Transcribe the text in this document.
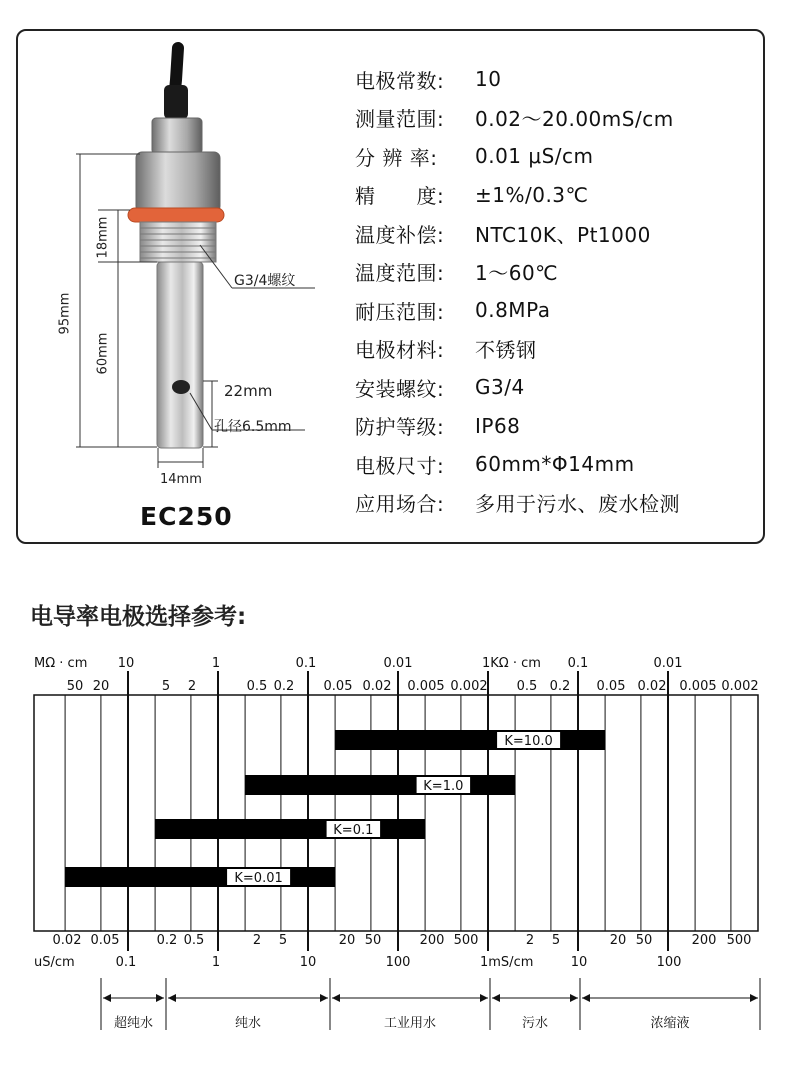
95mm
18mm
60mm
22mm
G3/4螺纹
孔径6.5mm
14mm
EC250
电极常数:	10
测量范围:	0.02～20.00mS/cm
分 辨 率:	0.01 μS/cm
精　　度:	±1%/0.3℃
温度补偿:	NTC10K、Pt1000
温度范围:	1～60℃
耐压范围:	0.8MPa
电极材料:	不锈钢
安装螺纹:	G3/4
防护等级:	IP68
电极尺寸:	60mm*Φ14mm
应用场合:	多用于污水、废水检测
电导率电极选择参考:
K=10.0
K=1.0
K=0.1
K=0.01
MΩ · cm	1KΩ · cm
10	1	0.1	0.01	0.1	0.01
50 20	5 2	0.5 0.2 0.05 0.02 0.005 0.002 0.5 0.2 0.05 0.02 0.005 0.002
0.02 0.05	0.2 0.5	2 5	20 50	200 500	2 5	20 50	200 500
uS/cm	1mS/cm
0.1	1	10	100	10	100
超纯水	纯水	工业用水	污水	浓缩液
